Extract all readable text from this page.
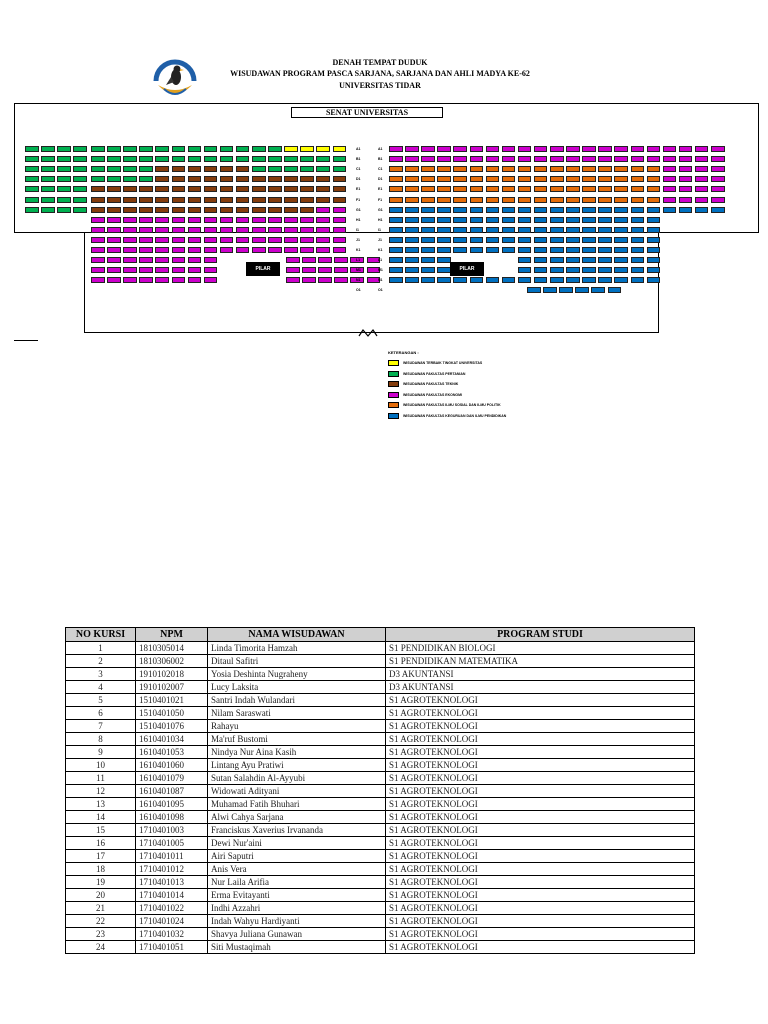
DENAH TEMPAT DUDUK
WISUDAWAN PROGRAM PASCA SARJANA, SARJANA DAN AHLI MADYA KE-62
UNIVERSITAS TIDAR
SENAT UNIVERSITAS
A1	A1
B1	B1
C1	C1
D1	D1
E1	E1
F1	F1
G1	G1
H1	H1
I1	I1
J1	J1
K1	K1
L1	L1
M1	M1
N1	N1
O1	O1
PILAR	PILAR
KETERANGAN :
WISUDAWAN TERBAIK TINGKAT UNIVERSITAS
WISUDAWAN FAKULTAS PERTANIAN
WISUDAWAN FAKULTAS TEKNIK
WISUDAWAN FAKULTAS EKONOMI
WISUDAWAN FAKULTAS ILMU SOSIAL DAN ILMU POLITIK
WISUDAWAN FAKULTAS KEGURUAN DAN ILMU PENDIDIKAN
NO KURSI	NPM	NAMA WISUDAWAN	PROGRAM STUDI
1	1810305014	Linda Timorita Hamzah	S1 PENDIDIKAN BIOLOGI
2	1810306002	Ditaul Safitri	S1 PENDIDIKAN MATEMATIKA
3	1910102018	Yosia Deshinta Nugraheny	D3 AKUNTANSI
4	1910102007	Lucy Laksita	D3 AKUNTANSI
5	1510401021	Santri Indah Wulandari	S1 AGROTEKNOLOGI
6	1510401050	Nilam Saraswati	S1 AGROTEKNOLOGI
7	1510401076	Rahayu	S1 AGROTEKNOLOGI
8	1610401034	Ma'ruf Bustomi	S1 AGROTEKNOLOGI
9	1610401053	Nindya Nur Aina Kasih	S1 AGROTEKNOLOGI
10	1610401060	Lintang Ayu Pratiwi	S1 AGROTEKNOLOGI
11	1610401079	Sutan Salahdin Al-Ayyubi	S1 AGROTEKNOLOGI
12	1610401087	Widowati Adityani	S1 AGROTEKNOLOGI
13	1610401095	Muhamad Fatih Bhuhari	S1 AGROTEKNOLOGI
14	1610401098	Alwi Cahya Sarjana	S1 AGROTEKNOLOGI
15	1710401003	Franciskus Xaverius Irvananda	S1 AGROTEKNOLOGI
16	1710401005	Dewi Nur'aini	S1 AGROTEKNOLOGI
17	1710401011	Airi Saputri	S1 AGROTEKNOLOGI
18	1710401012	Anis Vera	S1 AGROTEKNOLOGI
19	1710401013	Nur Laila Arifia	S1 AGROTEKNOLOGI
20	1710401014	Erma Evitayanti	S1 AGROTEKNOLOGI
21	1710401022	Indhi Azzahri	S1 AGROTEKNOLOGI
22	1710401024	Indah Wahyu Hardiyanti	S1 AGROTEKNOLOGI
23	1710401032	Shavya Juliana Gunawan	S1 AGROTEKNOLOGI
24	1710401051	Siti Mustaqimah	S1 AGROTEKNOLOGI
